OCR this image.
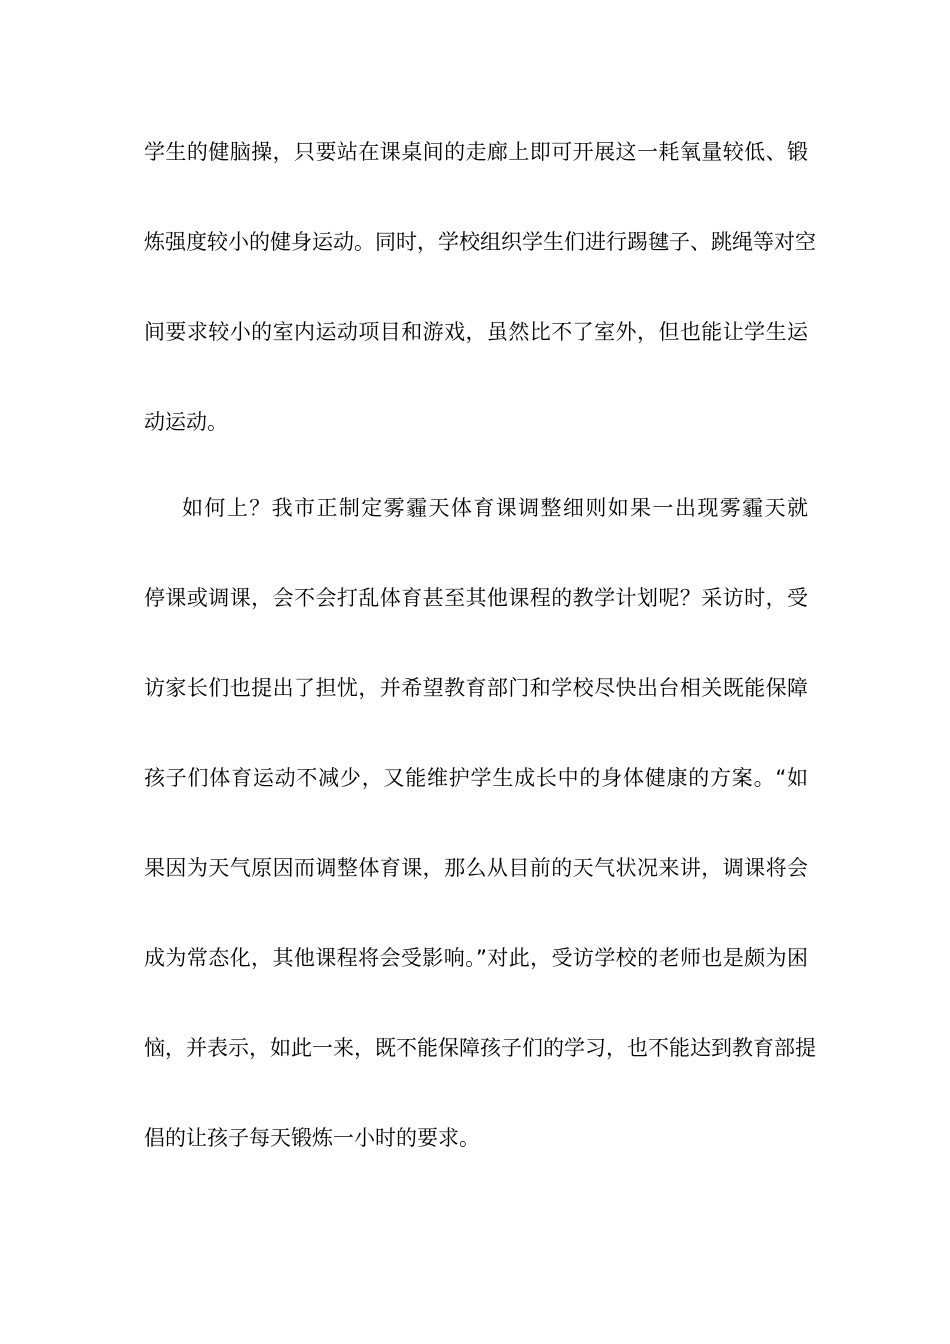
学生的健脑操，只要站在课桌间的走廊上即可开展这一耗氧量较低、锻
炼强度较小的健身运动。同时，学校组织学生们进行踢毽子、跳绳等对空
间要求较小的室内运动项目和游戏，虽然比不了室外，但也能让学生运
动运动。
如何上？我市正制定雾霾天体育课调整细则如果一出现雾霾天就
停课或调课，会不会打乱体育甚至其他课程的教学计划呢？采访时，受
访家长们也提出了担忧，并希望教育部门和学校尽快出台相关既能保障
孩子们体育运动不减少，又能维护学生成长中的身体健康的方案。“如
果因为天气原因而调整体育课，那么从目前的天气状况来讲，调课将会
成为常态化，其他课程将会受影响。”对此，受访学校的老师也是颇为困
恼，并表示，如此一来，既不能保障孩子们的学习，也不能达到教育部提
倡的让孩子每天锻炼一小时的要求。
